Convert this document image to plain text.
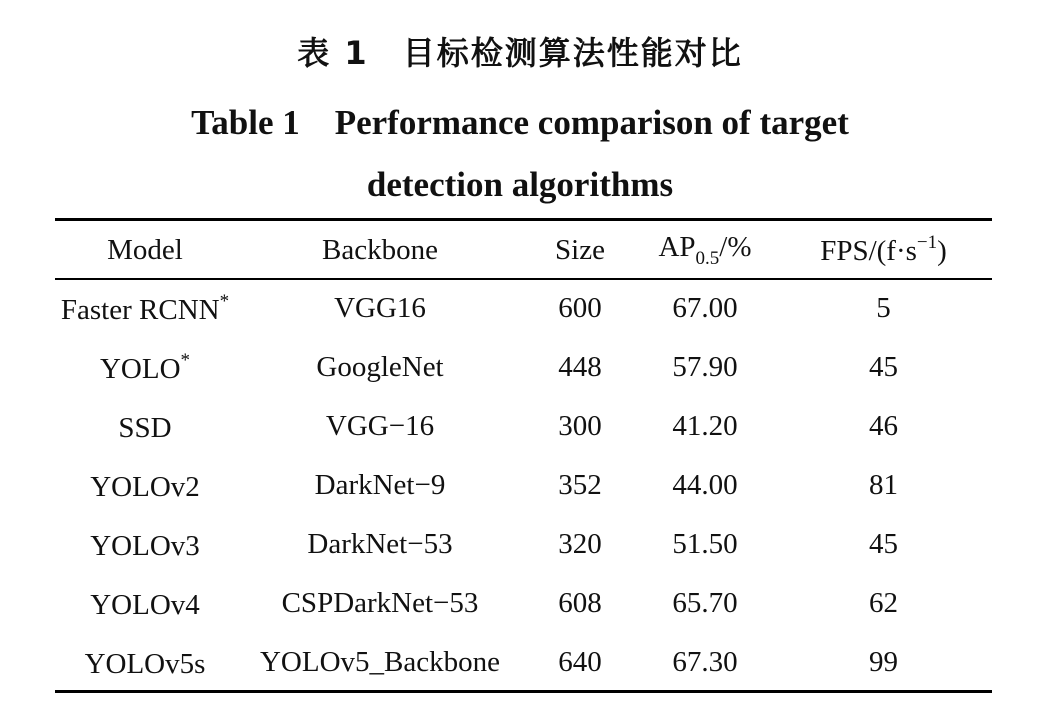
表 1　目标检测算法性能对比
Table 1　Performance comparison of target
detection algorithms
Model	Backbone	Size	$AP_{0.5}/\%$	FPS/$(f\cdot s^{-1})$
Faster RCNN*	VGG16	600	67.00	5
YOLO*	GoogleNet	448	57.90	45
SSD	VGG−16	300	41.20	46
YOLOv2	DarkNet−9	352	44.00	81
YOLOv3	DarkNet−53	320	51.50	45
YOLOv4	CSPDarkNet−53	608	65.70	62
YOLOv5s	YOLOv5_Backbone	640	67.30	99
